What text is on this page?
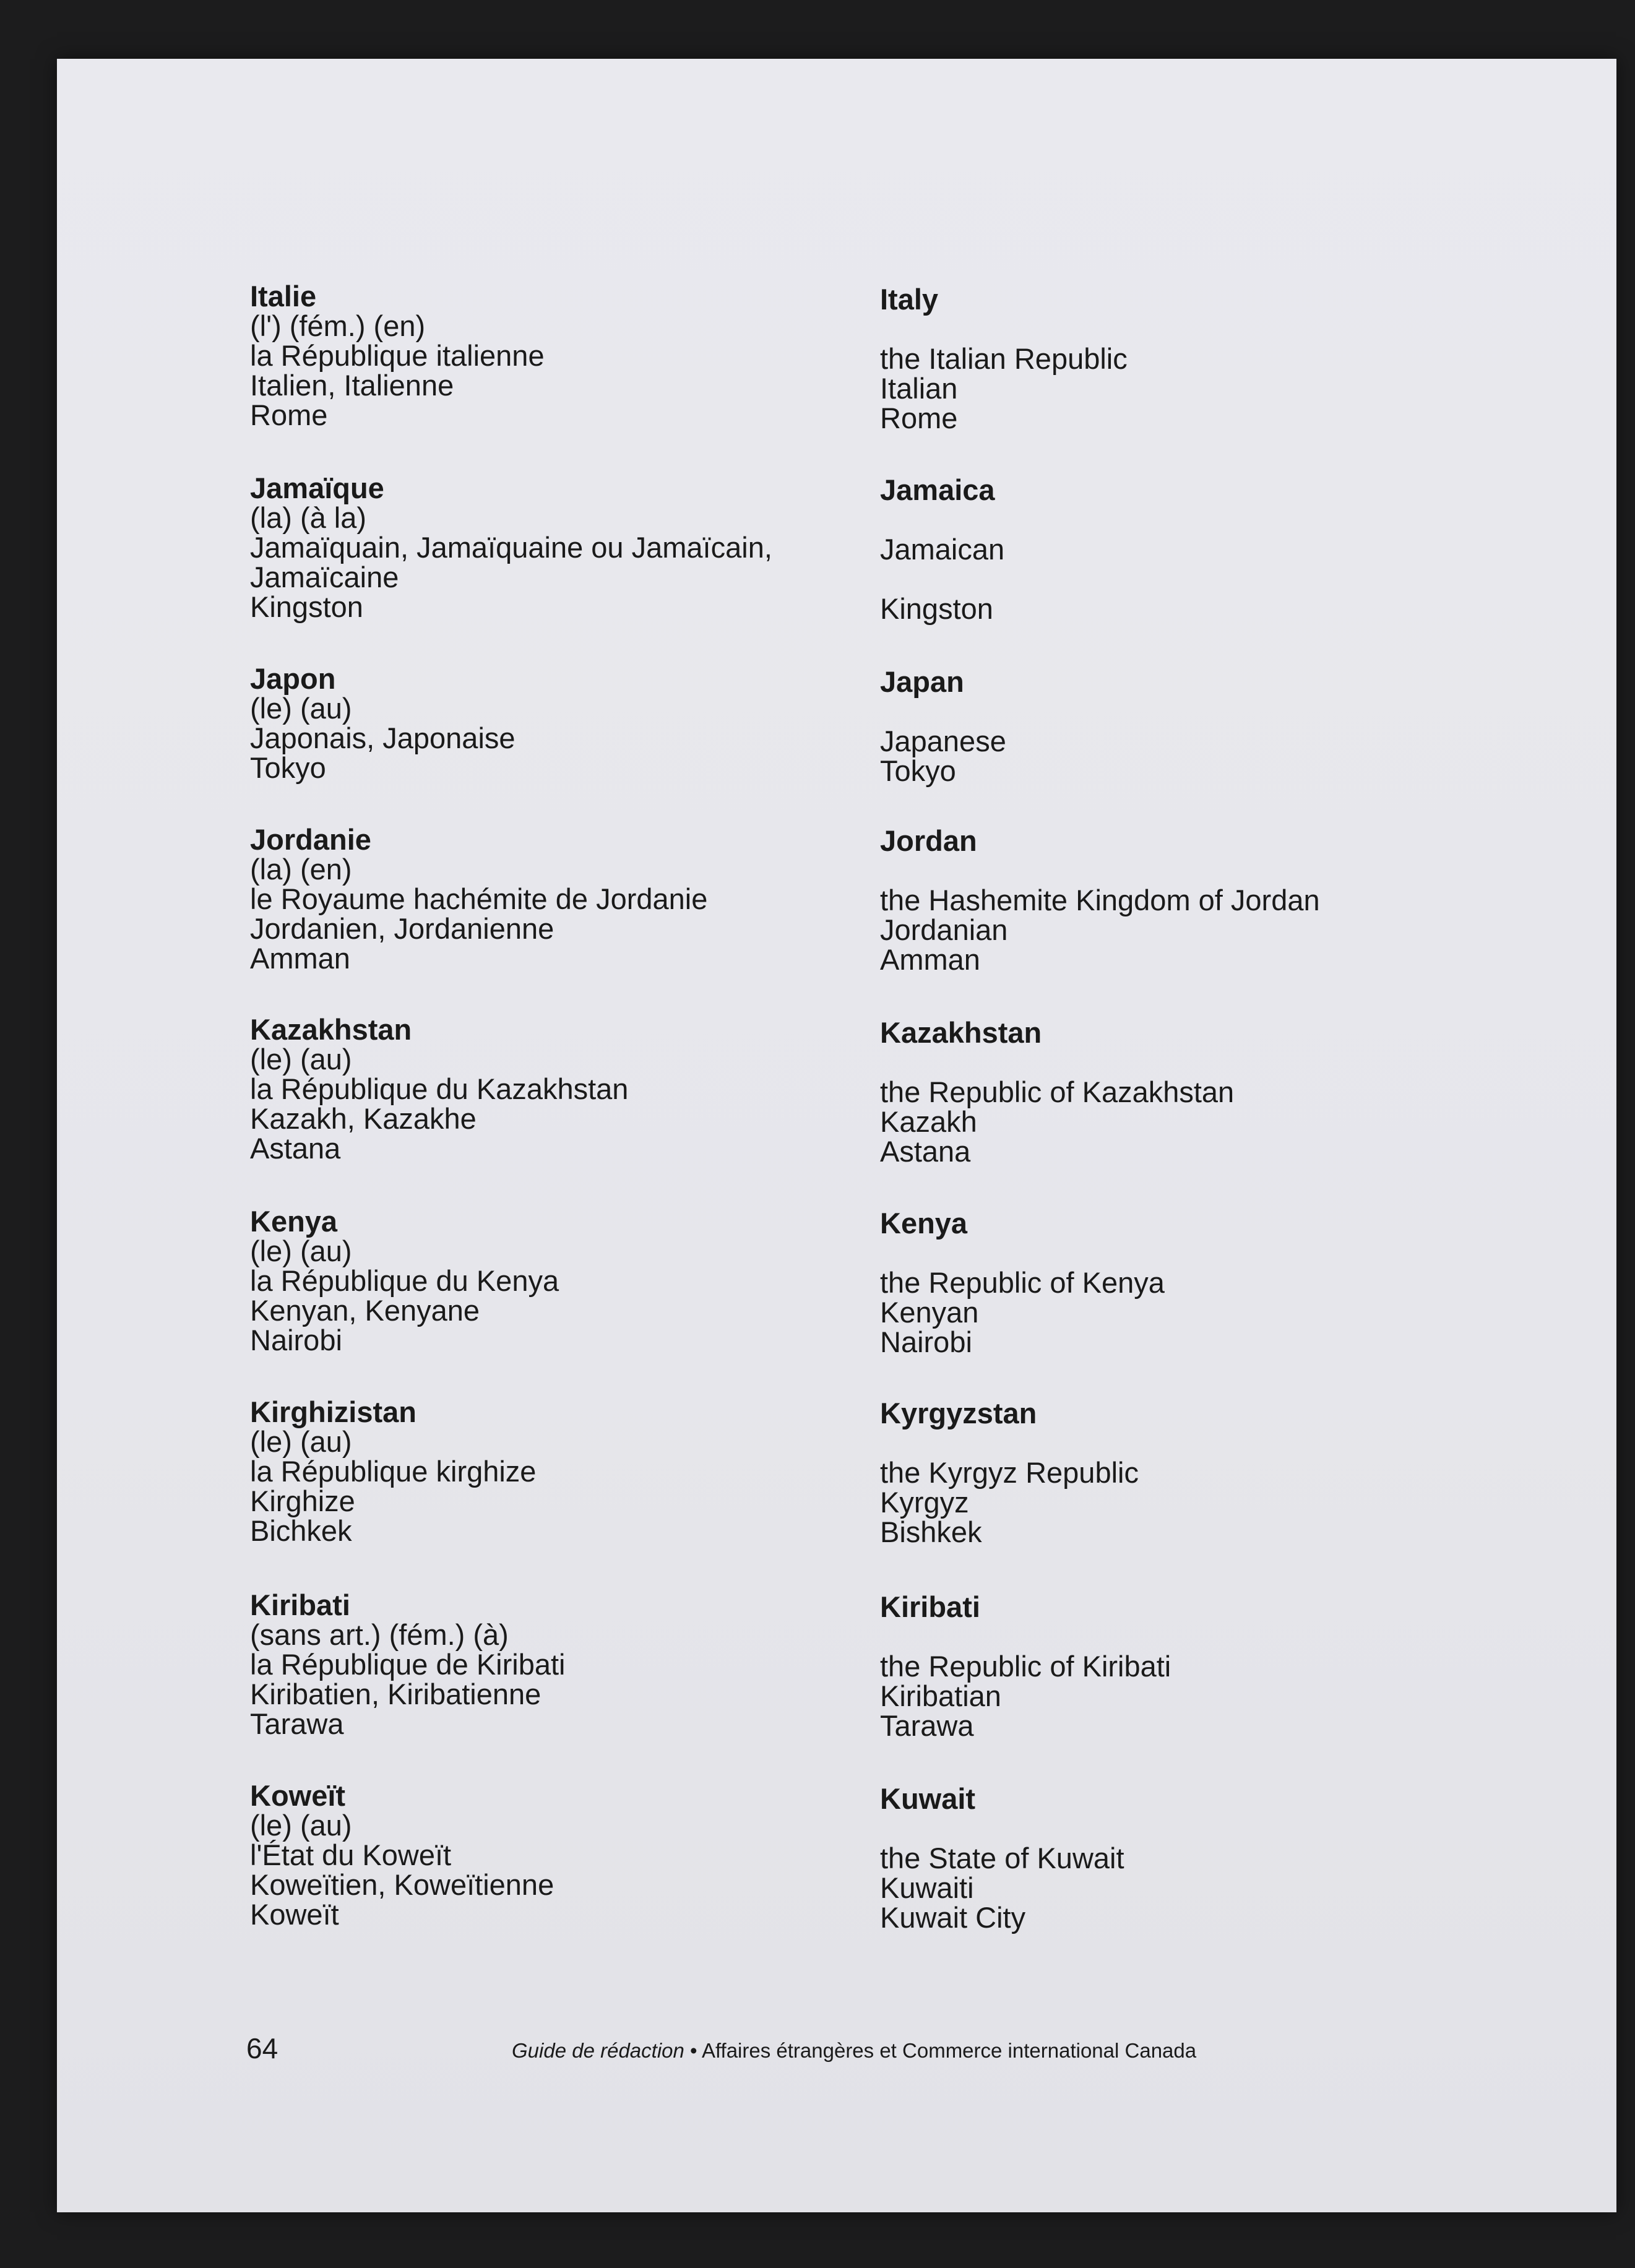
Italie
(l') (fém.) (en)
la République italienne
Italien, Italienne
Rome
Italy
the Italian Republic
Italian
Rome
Jamaïque
(la) (à la)
Jamaïquain, Jamaïquaine ou Jamaïcain,
Jamaïcaine
Kingston
Jamaica
Jamaican
Kingston
Japon
(le) (au)
Japonais, Japonaise
Tokyo
Japan
Japanese
Tokyo
Jordanie
(la) (en)
le Royaume hachémite de Jordanie
Jordanien, Jordanienne
Amman
Jordan
the Hashemite Kingdom of Jordan
Jordanian
Amman
Kazakhstan
(le) (au)
la République du Kazakhstan
Kazakh, Kazakhe
Astana
Kazakhstan
the Republic of Kazakhstan
Kazakh
Astana
Kenya
(le) (au)
la République du Kenya
Kenyan, Kenyane
Nairobi
Kenya
the Republic of Kenya
Kenyan
Nairobi
Kirghizistan
(le) (au)
la République kirghize
Kirghize
Bichkek
Kyrgyzstan
the Kyrgyz Republic
Kyrgyz
Bishkek
Kiribati
(sans art.) (fém.) (à)
la République de Kiribati
Kiribatien, Kiribatienne
Tarawa
Kiribati
the Republic of Kiribati
Kiribatian
Tarawa
Koweït
(le) (au)
l'État du Koweït
Koweïtien, Koweïtienne
Koweït
Kuwait
the State of Kuwait
Kuwaiti
Kuwait City
64	Guide de rédaction • Affaires étrangères et Commerce international Canada
